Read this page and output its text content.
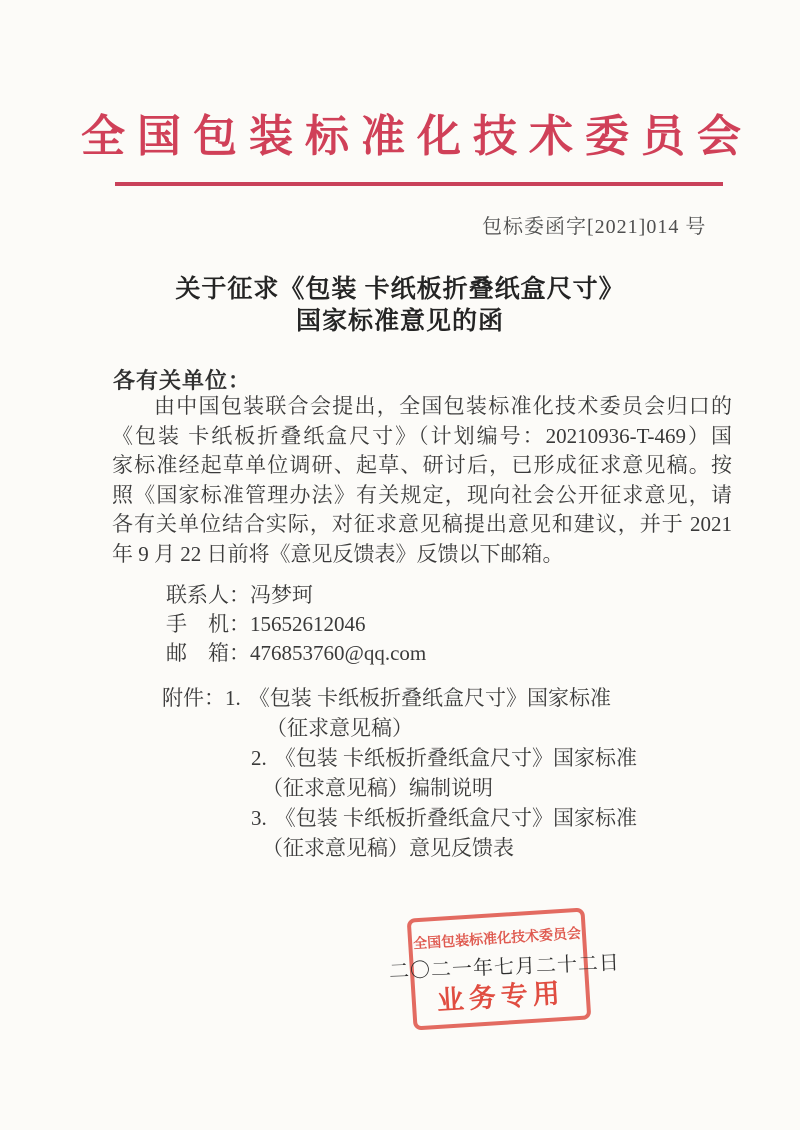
全国包装标准化技术委员会
包标委函字[2021]014 号
关于征求《包装 卡纸板折叠纸盒尺寸》
国家标准意见的函
各有关单位：
由中国包装联合会提出，全国包装标准化技术委员会归口的
《包装 卡纸板折叠纸盒尺寸》（计划编号：20210936-T-469）国
家标准经起草单位调研、起草、研讨后，已形成征求意见稿。按
照《国家标准管理办法》有关规定，现向社会公开征求意见，请
各有关单位结合实际，对征求意见稿提出意见和建议，并于 2021
年 9 月 22 日前将《意见反馈表》反馈以下邮箱。
联系人：冯梦珂
手　机：15652612046
邮　箱：476853760@qq.com
附件：1. 《包装 卡纸板折叠纸盒尺寸》国家标准
（征求意见稿）
2. 《包装 卡纸板折叠纸盒尺寸》国家标准
（征求意见稿）编制说明
3. 《包装 卡纸板折叠纸盒尺寸》国家标准
（征求意见稿）意见反馈表
全国包装标准化技术委员会
业务专用
二〇二一年七月二十二日
